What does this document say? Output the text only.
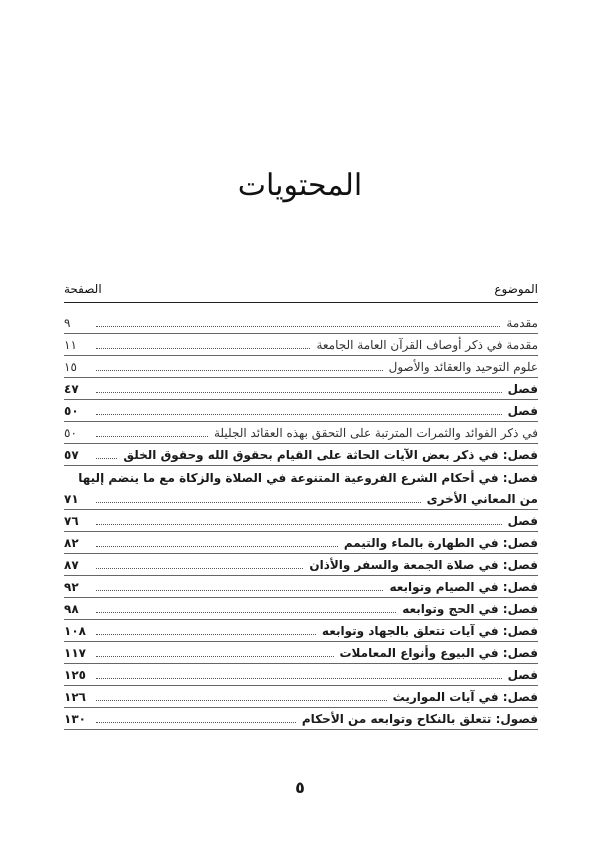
المحتويات
الموضوع
الصفحة
مقدمة
٩
مقدمة في ذكر أوصاف القرآن العامة الجامعة
١١
علوم التوحيد والعقائد والأصول
١٥
فصل
٤٧
فصل
٥٠
في ذكر الفوائد والثمرات المترتبة على التحقق بهذه العقائد الجليلة
٥٠
فصل: في ذكر بعض الآيات الحاثة على القيام بحقوق الله وحقوق الخلق
٥٧
فصل: في أحكام الشرع الفروعية المتنوعة في الصلاة والزكاة مع ما ينضم إليها
من المعاني الأخرى
٧١
فصل
٧٦
فصل: في الطهارة بالماء والتيمم
٨٢
فصل: في صلاة الجمعة والسفر والأذان
٨٧
فصل: في الصيام وتوابعه
٩٢
فصل: في الحج وتوابعه
٩٨
فصل: في آيات تتعلق بالجهاد وتوابعه
١٠٨
فصل: في البيوع وأنواع المعاملات
١١٧
فصل
١٢٥
فصل: في آيات المواريث
١٢٦
فصول: تتعلق بالنكاح وتوابعه من الأحكام
١٣٠
٥
